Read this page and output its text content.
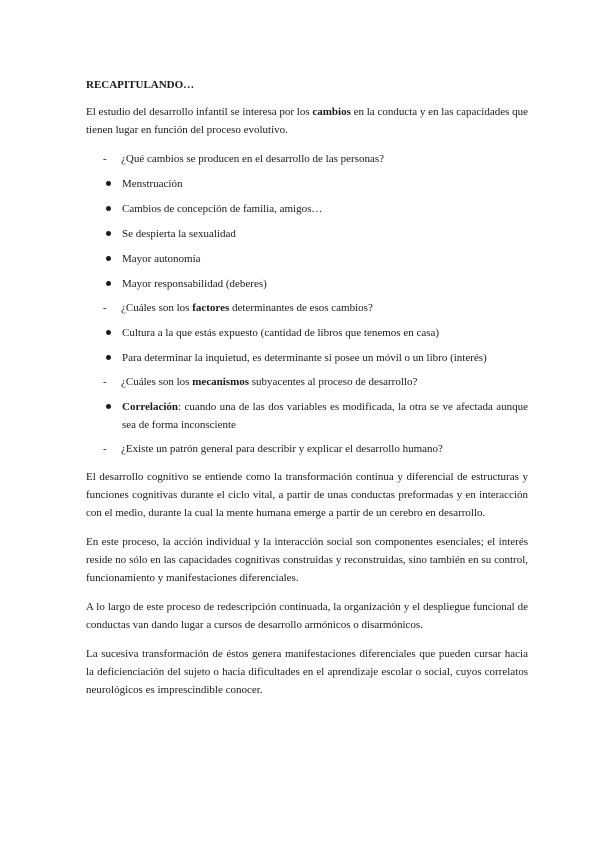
RECAPITULANDO…

El estudio del desarrollo infantil se interesa por los cambios en la conducta y en las capacidades que tienen lugar en función del proceso evolutivo.

- ¿Qué cambios se producen en el desarrollo de las personas?
Menstruación
Cambios de concepción de familia, amigos…
Se despierta la sexualidad
Mayor autonomía
Mayor responsabilidad (deberes)
- ¿Cuáles son los factores determinantes de esos cambios?
Cultura a la que estás expuesto (cantidad de libros que tenemos en casa)
Para determinar la inquietud, es determinante si posee un móvil o un libro (interés)
- ¿Cuáles son los mecanismos subyacentes al proceso de desarrollo?
Correlación: cuando una de las dos variables es modificada, la otra se ve afectada aunque sea de forma inconsciente
- ¿Existe un patrón general para describir y explicar el desarrollo humano?

El desarrollo cognitivo se entiende como la transformación continua y diferencial de estructuras y funciones cognitivas durante el ciclo vital, a partir de unas conductas preformadas y en interacción con el medio, durante la cual la mente humana emerge a partir de un cerebro en desarrollo.

En este proceso, la acción individual y la interacción social son componentes esenciales; el interés reside no sólo en las capacidades cognitivas construidas y reconstruidas, sino también en su control, funcionamiento y manifestaciones diferenciales.

A lo largo de este proceso de redescripción continuada, la organización y el despliegue funcional de conductas van dando lugar a cursos de desarrollo armónicos o disarmónicos.

La sucesiva transformación de éstos genera manifestaciones diferenciales que pueden cursar hacia la deficienciación del sujeto o hacia dificultades en el aprendizaje escolar o social, cuyos correlatos neurológicos es imprescindible conocer.
